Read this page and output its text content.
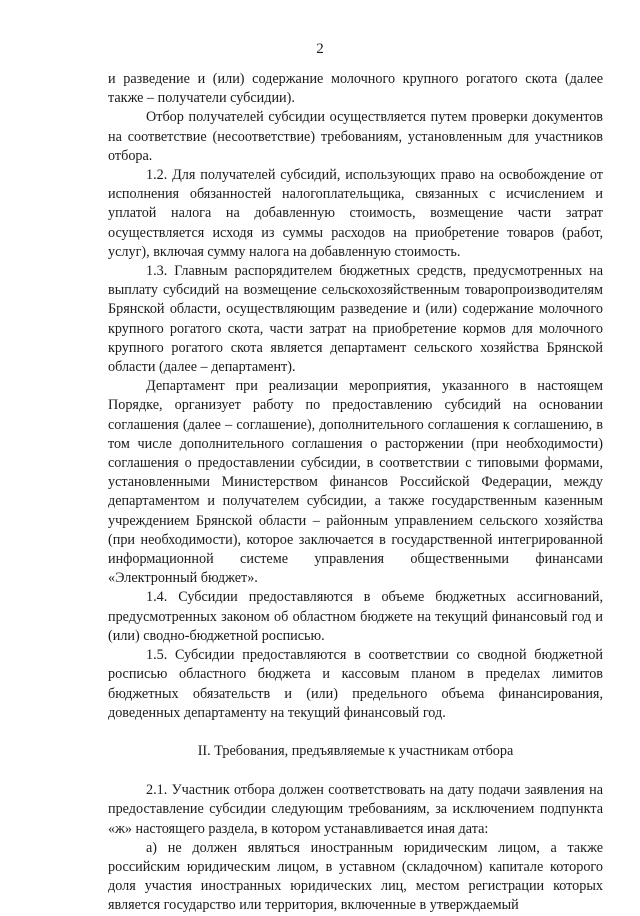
2

и разведение и (или) содержание молочного крупного рогатого скота (далее также – получатели субсидии).

Отбор получателей субсидии осуществляется путем проверки документов на соответствие (несоответствие) требованиям, установленным для участников отбора.

1.2. Для получателей субсидий, использующих право на освобождение от исполнения обязанностей налогоплательщика, связанных с исчислением и уплатой налога на добавленную стоимость, возмещение части затрат осуществляется исходя из суммы расходов на приобретение товаров (работ, услуг), включая сумму налога на добавленную стоимость.

1.3. Главным распорядителем бюджетных средств, предусмотренных на выплату субсидий на возмещение сельскохозяйственным товаропроизводителям Брянской области, осуществляющим разведение и (или) содержание молочного крупного рогатого скота, части затрат на приобретение кормов для молочного крупного рогатого скота является департамент сельского хозяйства Брянской области (далее – департамент).

Департамент при реализации мероприятия, указанного в настоящем Порядке, организует работу по предоставлению субсидий на основании соглашения (далее – соглашение), дополнительного соглашения к соглашению, в том числе дополнительного соглашения о расторжении (при необходимости) соглашения о предоставлении субсидии, в соответствии с типовыми формами, установленными Министерством финансов Российской Федерации, между департаментом и получателем субсидии, а также государственным казенным учреждением Брянской области – районным управлением сельского хозяйства (при необходимости), которое заключается в государственной интегрированной информационной системе управления общественными финансами «Электронный бюджет».

1.4. Субсидии предоставляются в объеме бюджетных ассигнований, предусмотренных законом об областном бюджете на текущий финансовый год и (или) сводно-бюджетной росписью.

1.5. Субсидии предоставляются в соответствии со сводной бюджетной росписью областного бюджета и кассовым планом в пределах лимитов бюджетных обязательств и (или) предельного объема финансирования, доведенных департаменту на текущий финансовый год.

II. Требования, предъявляемые к участникам отбора

2.1. Участник отбора должен соответствовать на дату подачи заявления на предоставление субсидии следующим требованиям, за исключением подпункта «ж» настоящего раздела, в котором устанавливается иная дата:

а) не должен являться иностранным юридическим лицом, а также российским юридическим лицом, в уставном (складочном) капитале которого доля участия иностранных юридических лиц, местом регистрации которых является государство или территория, включенные в утверждаемый
